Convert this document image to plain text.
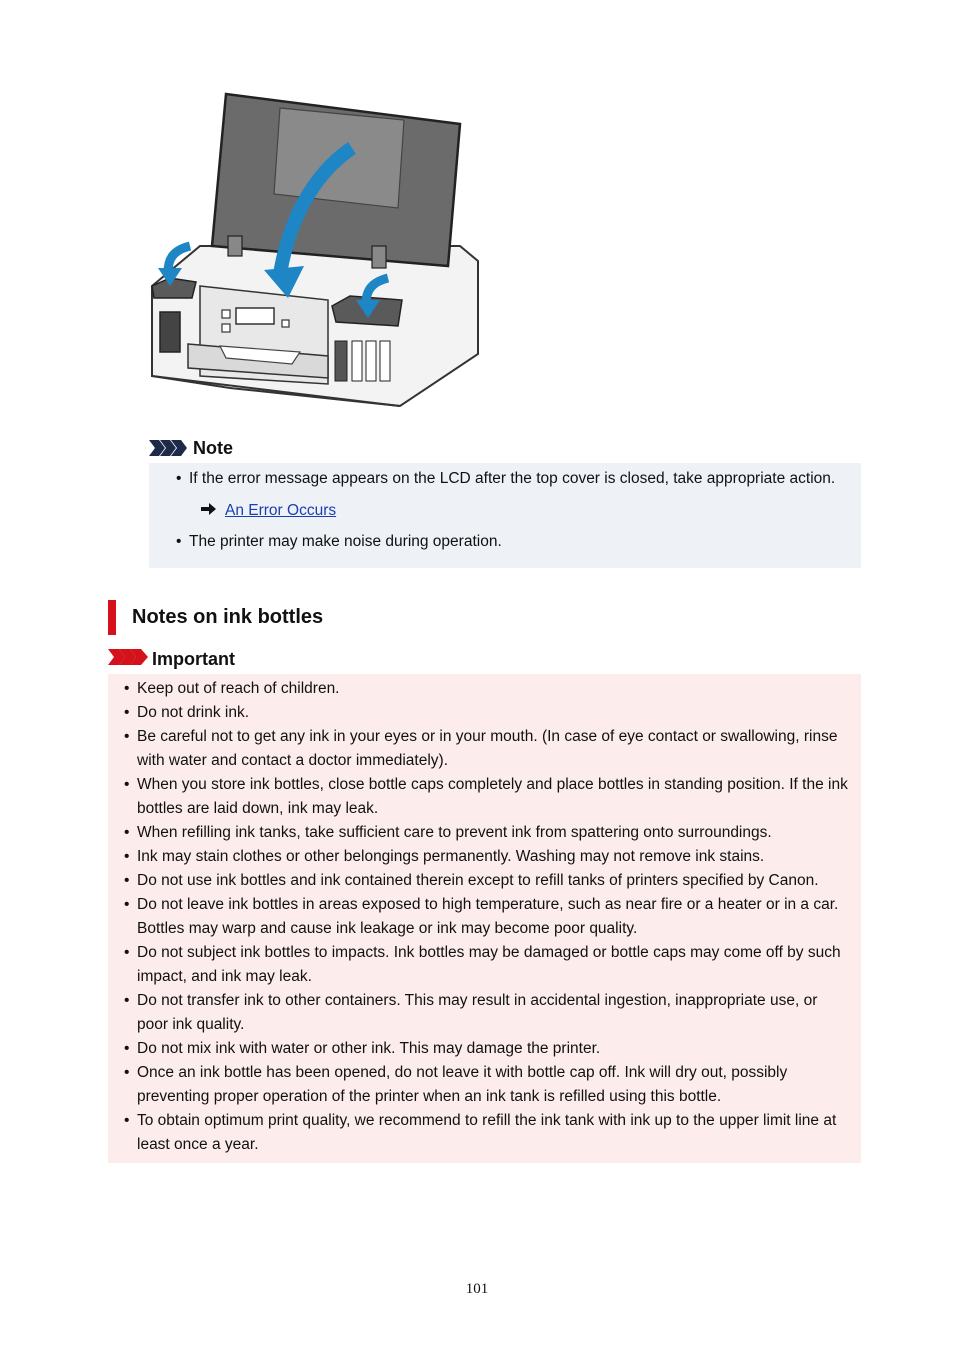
Note
• If the error message appears on the LCD after the top cover is closed, take appropriate action.
An Error Occurs
• The printer may make noise during operation.
Notes on ink bottles
Important
• Keep out of reach of children.
• Do not drink ink.
• Be careful not to get any ink in your eyes or in your mouth. (In case of eye contact or swallowing, rinse with water and contact a doctor immediately).
• When you store ink bottles, close bottle caps completely and place bottles in standing position. If the ink bottles are laid down, ink may leak.
• When refilling ink tanks, take sufficient care to prevent ink from spattering onto surroundings.
• Ink may stain clothes or other belongings permanently. Washing may not remove ink stains.
• Do not use ink bottles and ink contained therein except to refill tanks of printers specified by Canon.
• Do not leave ink bottles in areas exposed to high temperature, such as near fire or a heater or in a car. Bottles may warp and cause ink leakage or ink may become poor quality.
• Do not subject ink bottles to impacts. Ink bottles may be damaged or bottle caps may come off by such impact, and ink may leak.
• Do not transfer ink to other containers. This may result in accidental ingestion, inappropriate use, or poor ink quality.
• Do not mix ink with water or other ink. This may damage the printer.
• Once an ink bottle has been opened, do not leave it with bottle cap off. Ink will dry out, possibly preventing proper operation of the printer when an ink tank is refilled using this bottle.
• To obtain optimum print quality, we recommend to refill the ink tank with ink up to the upper limit line at least once a year.
101
